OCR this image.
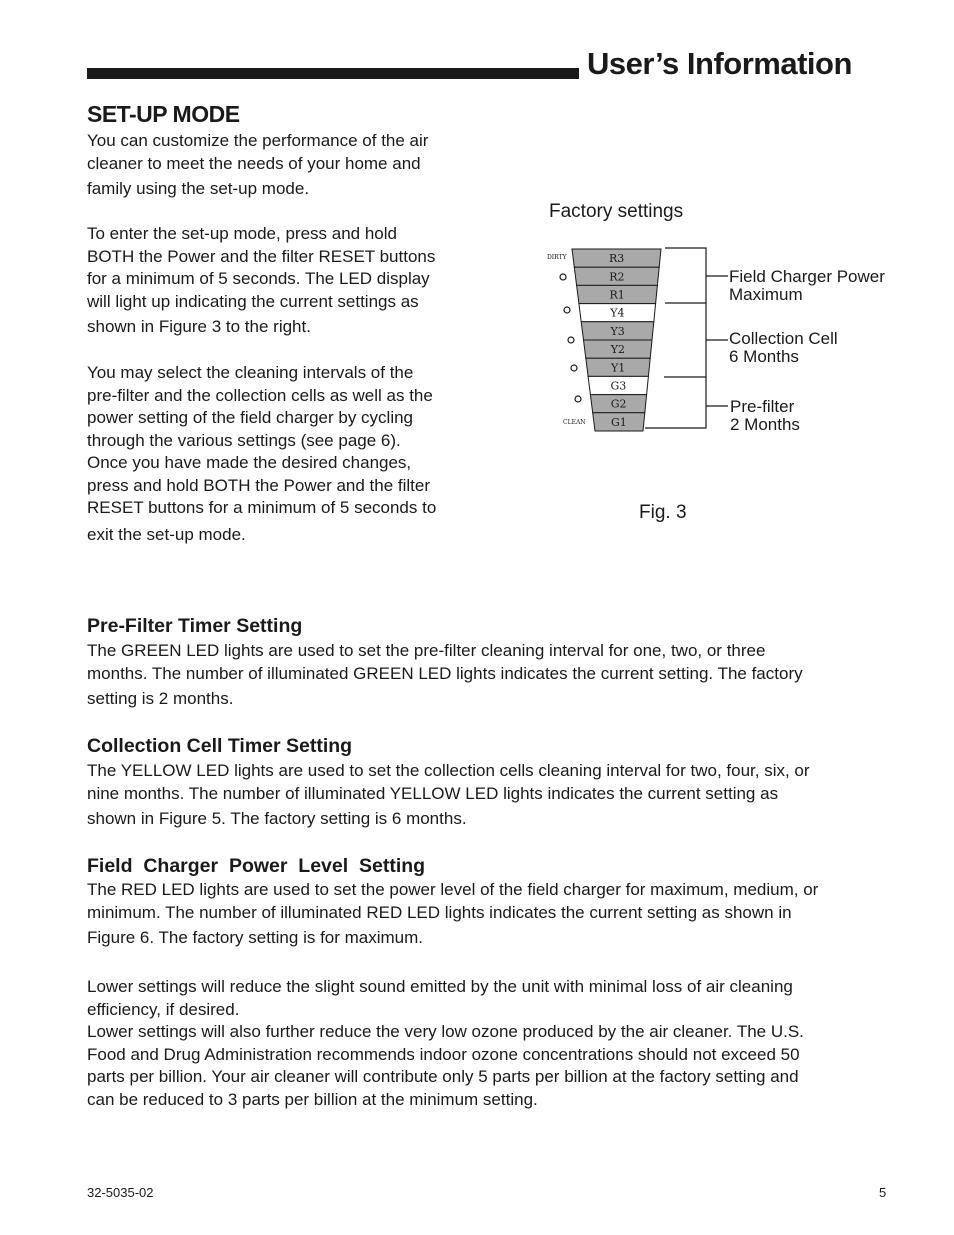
User’s Information
SET-UP MODE

You can customize the performance of the air
cleaner to meet the needs of your home and
family using the set-up mode.

To enter the set-up mode, press and hold
BOTH the Power and the filter RESET buttons
for a minimum of 5 seconds. The LED display
will light up indicating the current settings as
shown in Figure 3 to the right.

You may select the cleaning intervals of the
pre-filter and the collection cells as well as the
power setting of the field charger by cycling
through the various settings (see page 6).
Once you have made the desired changes,
press and hold BOTH the Power and the filter
RESET buttons for a minimum of 5 seconds to
exit the set-up mode.

Factory settings
R3
R2
R1
Y4
Y3
Y2
Y1
G3
G2
G1
DIRTY
CLEAN
Field Charger Power
Maximum
Collection Cell
6 Months
Pre-filter
2 Months
Fig. 3
Pre-Filter Timer Setting

The GREEN LED lights are used to set the pre-filter cleaning interval for one, two, or three
months. The number of illuminated GREEN LED lights indicates the current setting. The factory
setting is 2 months.

Collection Cell Timer Setting

The YELLOW LED lights are used to set the collection cells cleaning interval for two, four, six, or
nine months. The number of illuminated YELLOW LED lights indicates the current setting as
shown in Figure 5. The factory setting is 6 months.

Field  Charger  Power  Level  Setting

The RED LED lights are used to set the power level of the field charger for maximum, medium, or
minimum. The number of illuminated RED LED lights indicates the current setting as shown in
Figure 6. The factory setting is for maximum.

Lower settings will reduce the slight sound emitted by the unit with minimal loss of air cleaning
efficiency, if desired.
Lower settings will also further reduce the very low ozone produced by the air cleaner. The U.S.
Food and Drug Administration recommends indoor ozone concentrations should not exceed 50
parts per billion. Your air cleaner will contribute only 5 parts per billion at the factory setting and
can be reduced to 3 parts per billion at the minimum setting.

32-5035-02	5
